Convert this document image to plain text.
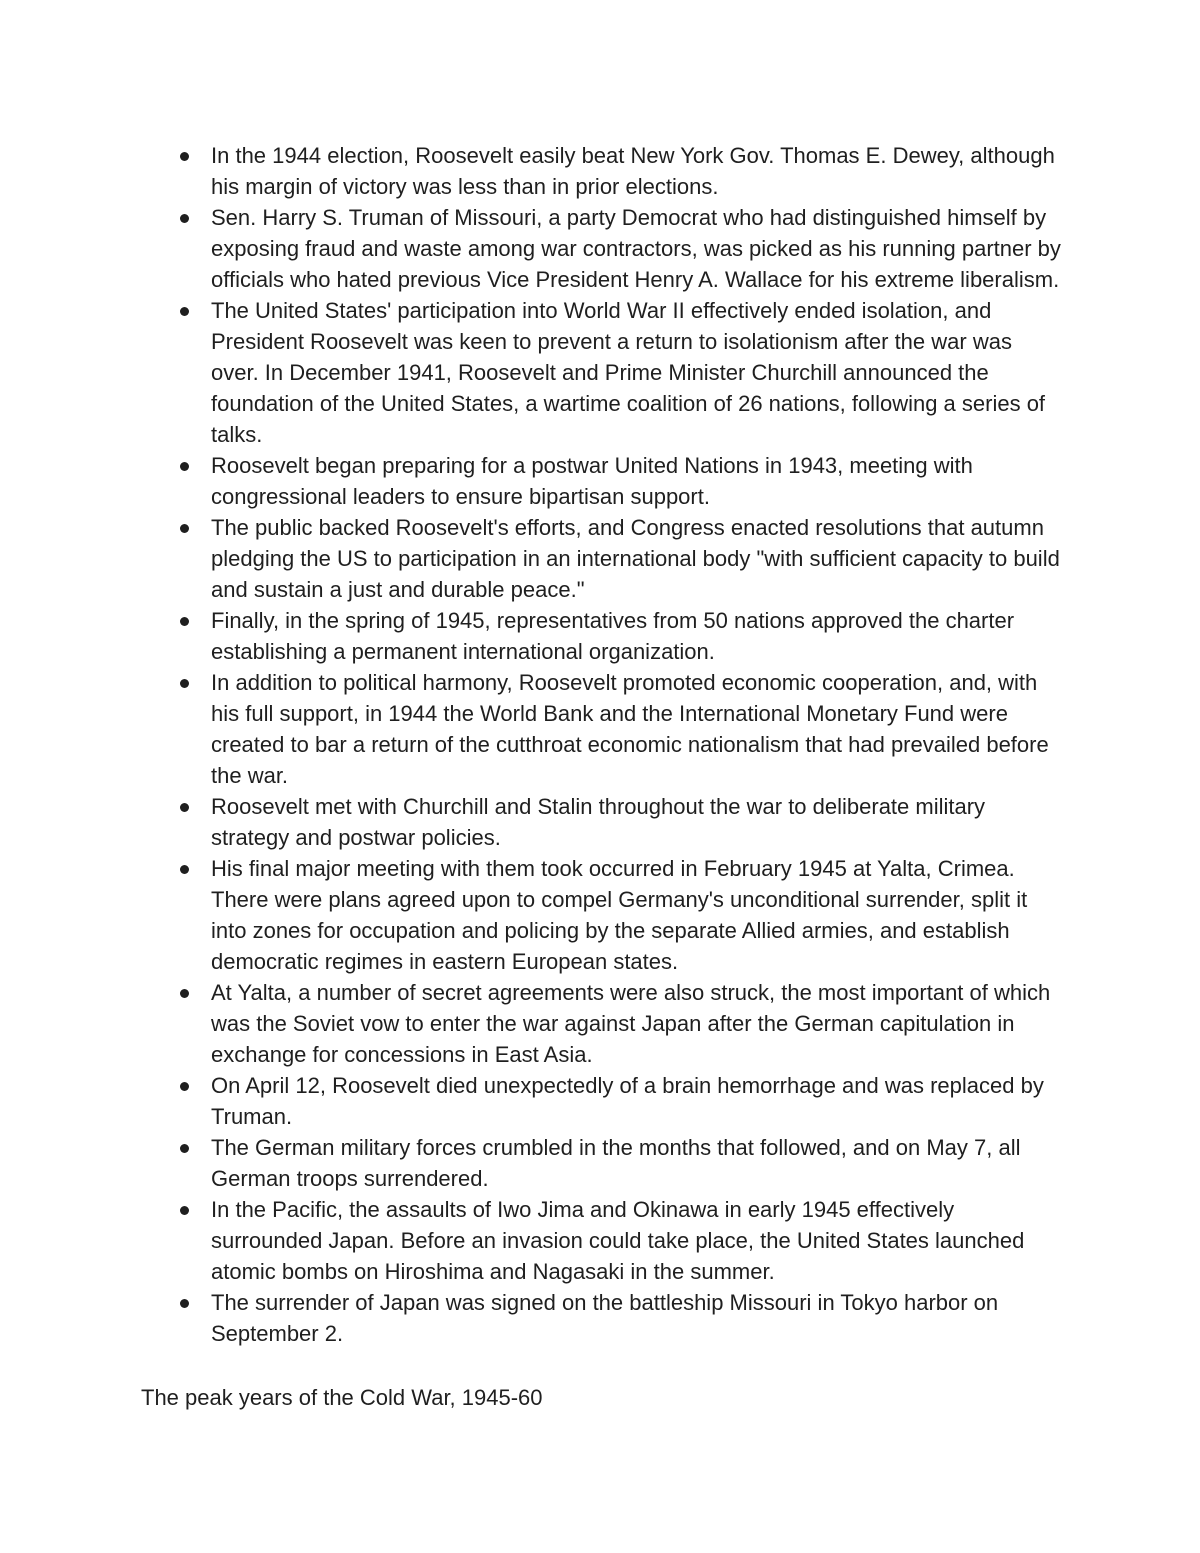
In the 1944 election, Roosevelt easily beat New York Gov. Thomas E. Dewey, although his margin of victory was less than in prior elections.
Sen. Harry S. Truman of Missouri, a party Democrat who had distinguished himself by exposing fraud and waste among war contractors, was picked as his running partner by officials who hated previous Vice President Henry A. Wallace for his extreme liberalism.
The United States' participation into World War II effectively ended isolation, and President Roosevelt was keen to prevent a return to isolationism after the war was over. In December 1941, Roosevelt and Prime Minister Churchill announced the foundation of the United States, a wartime coalition of 26 nations, following a series of talks.
Roosevelt began preparing for a postwar United Nations in 1943, meeting with congressional leaders to ensure bipartisan support.
The public backed Roosevelt's efforts, and Congress enacted resolutions that autumn pledging the US to participation in an international body "with sufficient capacity to build and sustain a just and durable peace."
Finally, in the spring of 1945, representatives from 50 nations approved the charter establishing a permanent international organization.
In addition to political harmony, Roosevelt promoted economic cooperation, and, with his full support, in 1944 the World Bank and the International Monetary Fund were created to bar a return of the cutthroat economic nationalism that had prevailed before the war.
Roosevelt met with Churchill and Stalin throughout the war to deliberate military strategy and postwar policies.
His final major meeting with them took occurred in February 1945 at Yalta, Crimea. There were plans agreed upon to compel Germany's unconditional surrender, split it into zones for occupation and policing by the separate Allied armies, and establish democratic regimes in eastern European states.
At Yalta, a number of secret agreements were also struck, the most important of which was the Soviet vow to enter the war against Japan after the German capitulation in exchange for concessions in East Asia.
On April 12, Roosevelt died unexpectedly of a brain hemorrhage and was replaced by Truman.
The German military forces crumbled in the months that followed, and on May 7, all German troops surrendered.
In the Pacific, the assaults of Iwo Jima and Okinawa in early 1945 effectively surrounded Japan. Before an invasion could take place, the United States launched atomic bombs on Hiroshima and Nagasaki in the summer.
The surrender of Japan was signed on the battleship Missouri in Tokyo harbor on September 2.

The peak years of the Cold War, 1945-60
